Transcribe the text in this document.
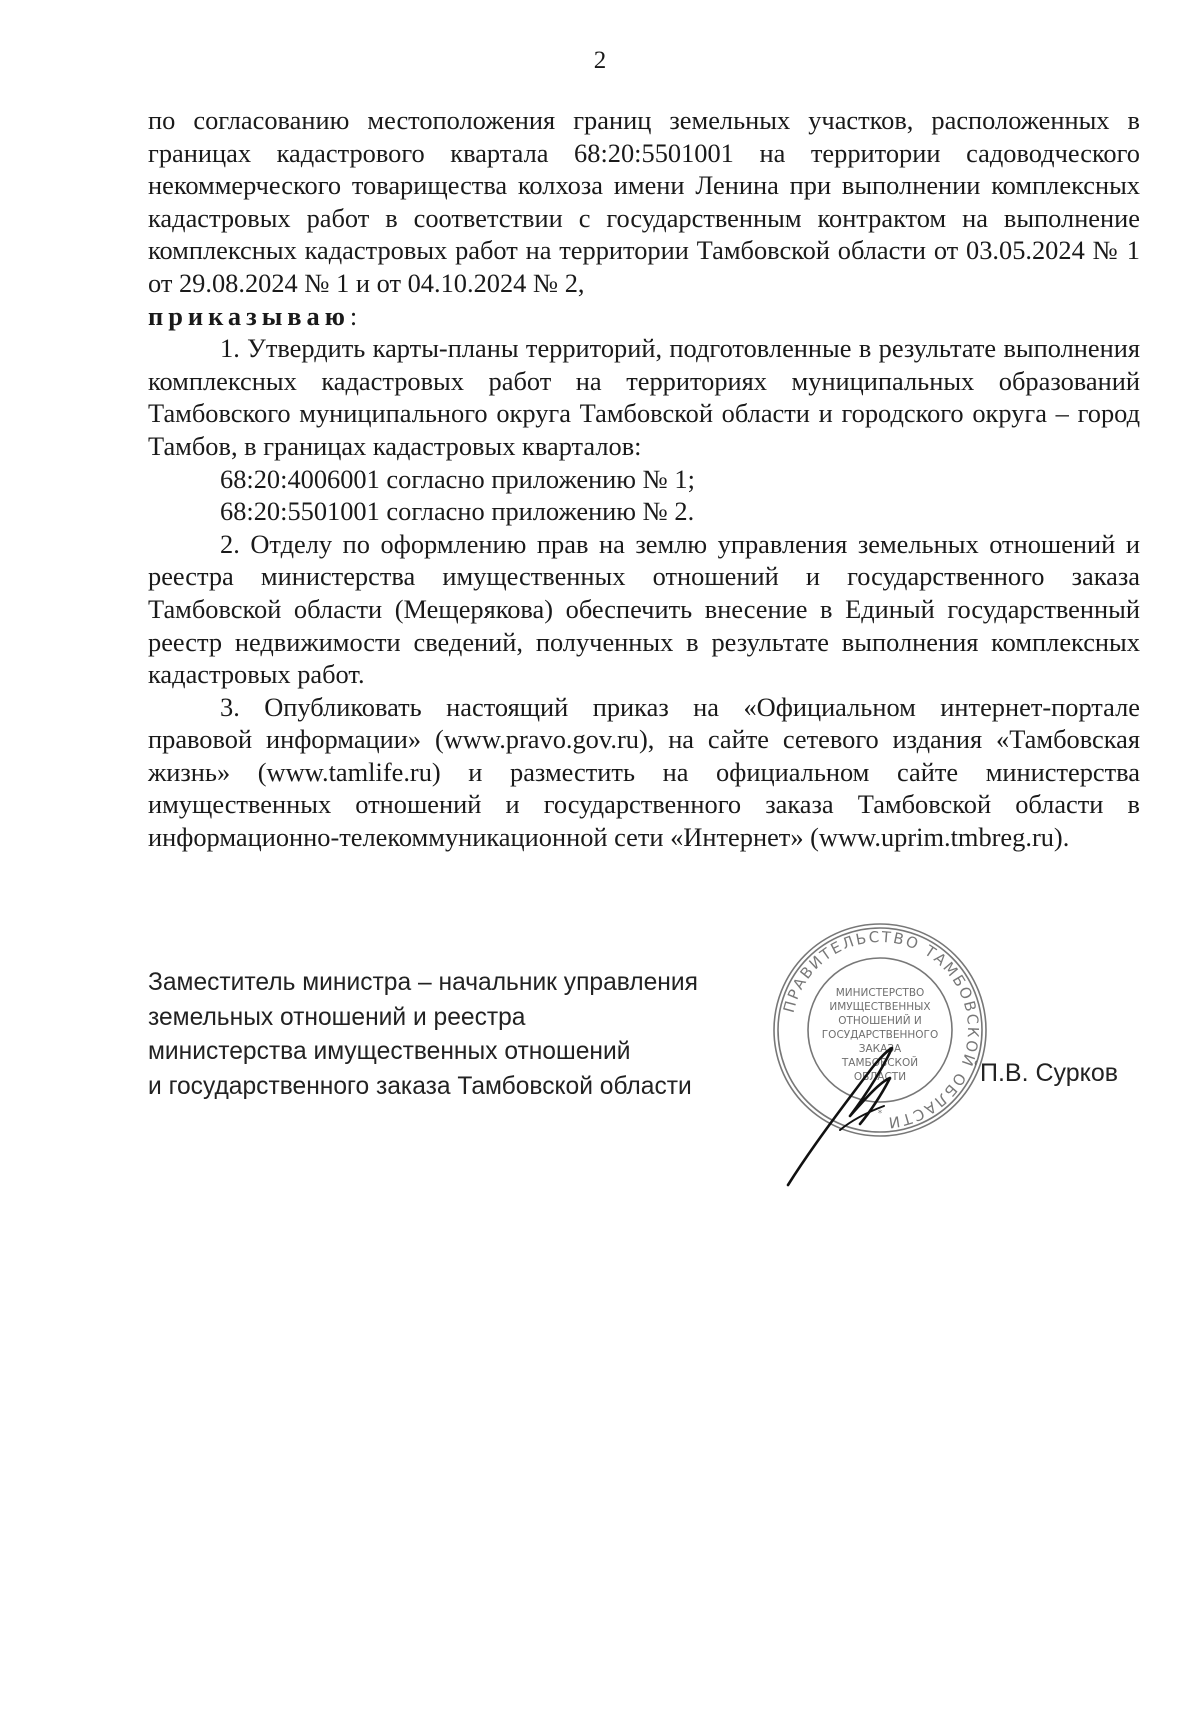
2

по согласованию местоположения границ земельных участков, расположенных в границах кадастрового квартала 68:20:5501001 на территории садоводческого некоммерческого товарищества колхоза имени Ленина при выполнении комплексных кадастровых работ в соответствии с государственным контрактом на выполнение комплексных кадастровых работ на территории Тамбовской области от 03.05.2024 № 1 от 29.08.2024 № 1 и от 04.10.2024 № 2,
приказываю:

1. Утвердить карты-планы территорий, подготовленные в результате выполнения комплексных кадастровых работ на территориях муниципальных образований Тамбовского муниципального округа Тамбовской области и городского округа – город Тамбов, в границах кадастровых кварталов:

68:20:4006001 согласно приложению № 1;

68:20:5501001 согласно приложению № 2.

2. Отделу по оформлению прав на землю управления земельных отношений и реестра министерства имущественных отношений и государственного заказа Тамбовской области (Мещерякова) обеспечить внесение в Единый государственный реестр недвижимости сведений, полученных в результате выполнения комплексных кадастровых работ.

3. Опубликовать настоящий приказ на «Официальном интернет-портале правовой информации» (www.pravo.gov.ru), на сайте сетевого издания «Тамбовская жизнь» (www.tamlife.ru) и разместить на официальном сайте министерства имущественных отношений и государственного заказа Тамбовской области в информационно-телекоммуникационной сети «Интернет» (www.uprim.tmbreg.ru).

Заместитель министра – начальник управления
земельных отношений и реестра
министерства имущественных отношений
и государственного заказа Тамбовской области
ПРАВИТЕЛЬСТВО ТАМБОВСКОЙ ОБЛАСТИ
МИНИСТЕРСТВО
ИМУЩЕСТВЕННЫХ
ОТНОШЕНИЙ И
ГОСУДАРСТВЕННОГО
ЗАКАЗА
ТАМБОВСКОЙ
ОБЛАСТИ
*
П.В. Сурков
